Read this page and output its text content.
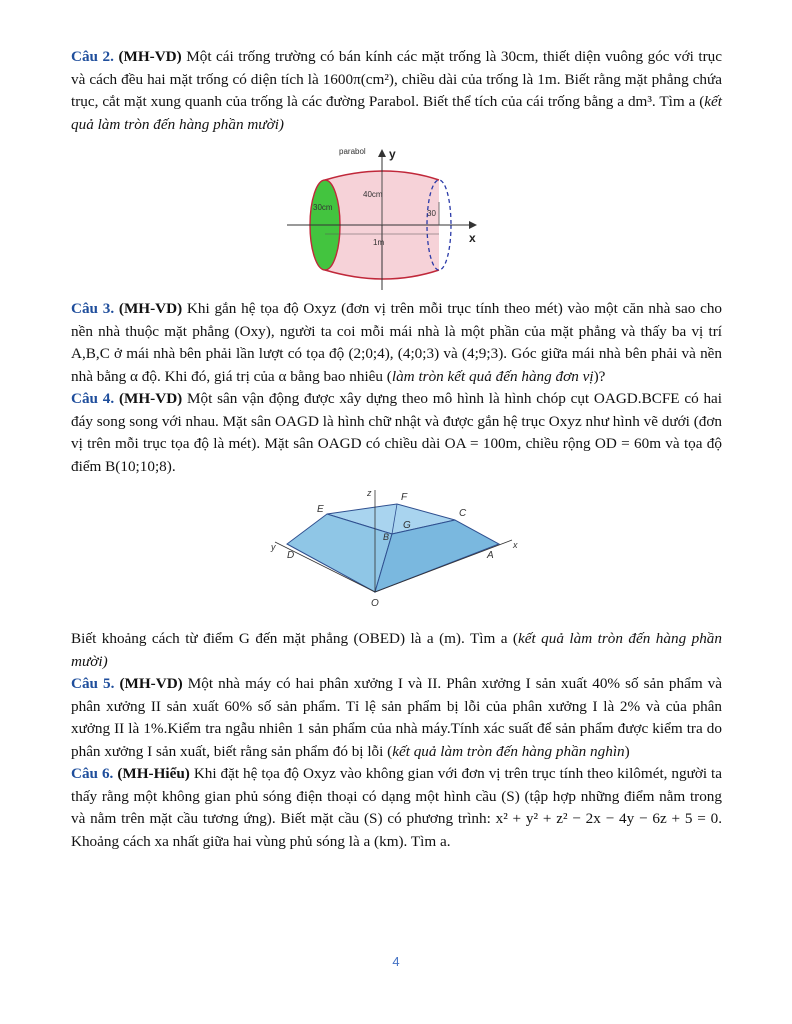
Câu 2. (MH-VD) Một cái trống trường có bán kính các mặt trống là 30cm, thiết diện vuông góc với trục và cách đều hai mặt trống có diện tích là 1600π(cm²), chiều dài của trống là 1m. Biết rằng mặt phẳng chứa trục, cắt mặt xung quanh của trống là các đường Parabol. Biết thể tích của cái trống bằng a dm³. Tìm a (kết quả làm tròn đến hàng phần mười)

parabol y
x
40cm
30cm
30
1m

Câu 3. (MH-VD) Khi gắn hệ tọa độ Oxyz (đơn vị trên mỗi trục tính theo mét) vào một căn nhà sao cho nền nhà thuộc mặt phẳng (Oxy), người ta coi mỗi mái nhà là một phần của mặt phẳng và thấy ba vị trí A,B,C ở mái nhà bên phải lần lượt có tọa độ (2;0;4), (4;0;3) và (4;9;3). Góc giữa mái nhà bên phải và nền nhà bằng α độ. Khi đó, giá trị của α bằng bao nhiêu (làm tròn kết quả đến hàng đơn vị)?

Câu 4. (MH-VD) Một sân vận động được xây dựng theo mô hình là hình chóp cụt OAGD.BCFE có hai đáy song song với nhau. Mặt sân OAGD là hình chữ nhật và được gắn hệ trục Oxyz như hình vẽ dưới (đơn vị trên mỗi trục tọa độ là mét). Mặt sân OAGD có chiều dài OA = 100m, chiều rộng OD = 60m và tọa độ điểm B(10;10;8).

z
E
F
C
G
B
y
D	A
x
O

Biết khoảng cách từ điểm G đến mặt phẳng (OBED) là a (m). Tìm a (kết quả làm tròn đến hàng phần mười)

Câu 5. (MH-VD) Một nhà máy có hai phân xưởng I và II. Phân xưởng I sản xuất 40% số sản phẩm và phân xưởng II sản xuất 60% số sản phẩm. Tỉ lệ sản phẩm bị lỗi của phân xưởng I là 2% và của phân xưởng II là 1%.Kiểm tra ngẫu nhiên 1 sản phẩm của nhà máy.Tính xác suất để sản phẩm được kiểm tra do phân xưởng I sản xuất, biết rằng sản phẩm đó bị lỗi (kết quả làm tròn đến hàng phần nghìn)

Câu 6. (MH-Hiểu) Khi đặt hệ tọa độ Oxyz vào không gian với đơn vị trên trục tính theo kilômét, người ta thấy rằng một không gian phủ sóng điện thoại có dạng một hình cầu (S) (tập hợp những điểm nằm trong và nằm trên mặt cầu tương ứng). Biết mặt cầu (S) có phương trình: x² + y² + z² − 2x − 4y − 6z + 5 = 0. Khoảng cách xa nhất giữa hai vùng phủ sóng là a (km). Tìm a.

4
